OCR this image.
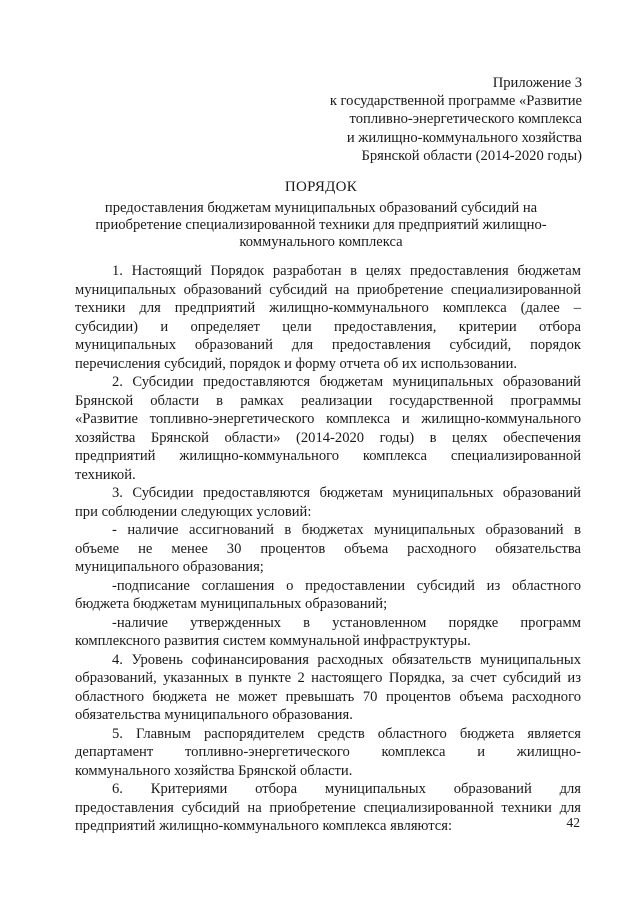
Приложение 3
к государственной программе «Развитие
топливно-энергетического комплекса
и жилищно-коммунального хозяйства
Брянской области (2014-2020 годы)
ПОРЯДОК
предоставления бюджетам муниципальных образований субсидий на
приобретение специализированной техники для предприятий жилищно-
коммунального комплекса
1. Настоящий Порядок разработан в целях предоставления бюджетам
муниципальных образований субсидий на приобретение специализированной
техники для предприятий жилищно-коммунального комплекса (далее –
субсидии) и определяет цели предоставления, критерии отбора
муниципальных образований для предоставления субсидий, порядок
перечисления субсидий, порядок и форму отчета об их использовании.
2. Субсидии предоставляются бюджетам муниципальных образований
Брянской области в рамках реализации государственной программы
«Развитие топливно-энергетического комплекса и жилищно-коммунального
хозяйства Брянской области» (2014-2020 годы) в целях обеспечения
предприятий жилищно-коммунального комплекса специализированной
техникой.
3. Субсидии предоставляются бюджетам муниципальных образований
при соблюдении следующих условий:
- наличие ассигнований в бюджетах муниципальных образований в
объеме не менее 30 процентов объема расходного обязательства
муниципального образования;
-подписание соглашения о предоставлении субсидий из областного
бюджета бюджетам муниципальных образований;
-наличие утвержденных в установленном порядке программ
комплексного развития систем коммунальной инфраструктуры.
4. Уровень софинансирования расходных обязательств муниципальных
образований, указанных в пункте 2 настоящего Порядка, за счет субсидий из
областного бюджета не может превышать 70 процентов объема расходного
обязательства муниципального образования.
5. Главным распорядителем средств областного бюджета является
департамент топливно-энергетического комплекса и жилищно-
коммунального хозяйства Брянской области.
6. Критериями отбора муниципальных образований для
предоставления субсидий на приобретение специализированной техники для
предприятий жилищно-коммунального комплекса являются:	42
